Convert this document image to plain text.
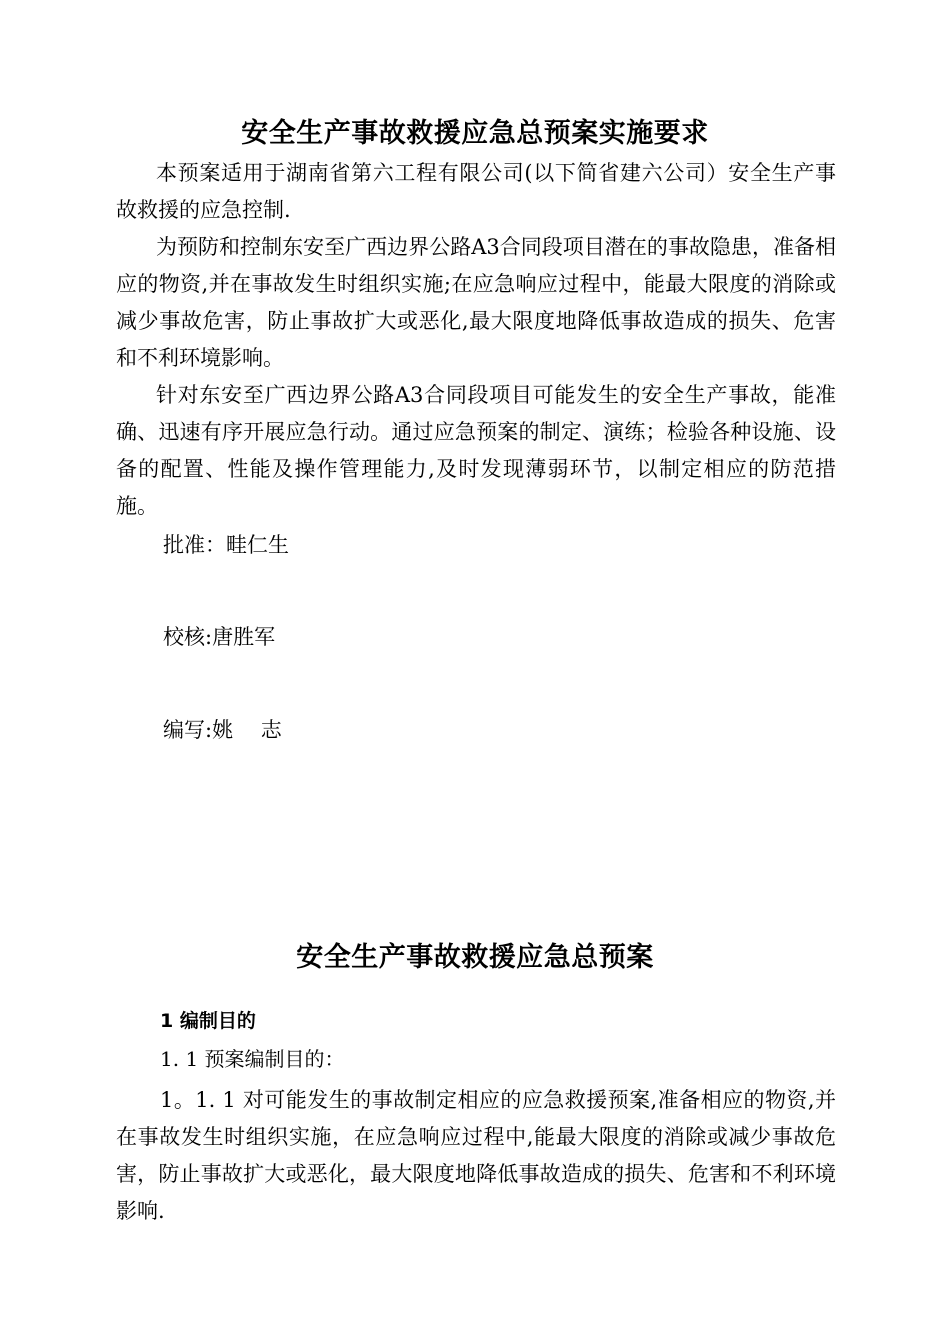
安全生产事故救援应急总预案实施要求

本预案适用于湖南省第六工程有限公司(以下简省建六公司）安全生产事故救援的应急控制.

为预防和控制东安至广西边界公路A3合同段项目潜在的事故隐患，准备相应的物资,并在事故发生时组织实施;在应急响应过程中，能最大限度的消除或减少事故危害，防止事故扩大或恶化,最大限度地降低事故造成的损失、危害和不利环境影响。

针对东安至广西边界公路A3合同段项目可能发生的安全生产事故，能准确、迅速有序开展应急行动。通过应急预案的制定、演练；检验各种设施、设备的配置、性能及操作管理能力,及时发现薄弱环节，以制定相应的防范措施。

批准：畦仁生

校核:唐胜军

编写:姚　 志

安全生产事故救援应急总预案

1 编制目的

1. 1 预案编制目的：

1。1. 1 对可能发生的事故制定相应的应急救援预案,准备相应的物资,并在事故发生时组织实施，在应急响应过程中,能最大限度的消除或减少事故危害，防止事故扩大或恶化，最大限度地降低事故造成的损失、危害和不利环境影响.
